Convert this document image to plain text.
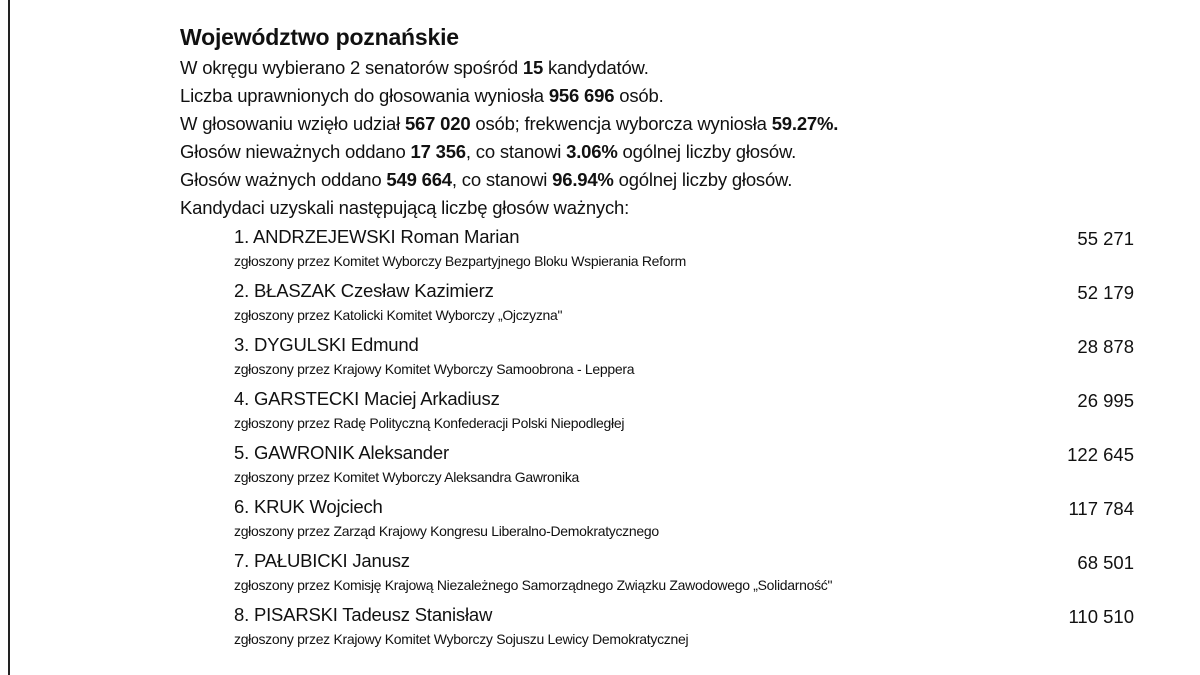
Województwo poznańskie
W okręgu wybierano 2 senatorów spośród 15 kandydatów.
Liczba uprawnionych do głosowania wyniosła 956 696 osób.
W głosowaniu wzięło udział 567 020 osób; frekwencja wyborcza wyniosła 59.27%.
Głosów nieważnych oddano 17 356, co stanowi 3.06% ogólnej liczby głosów.
Głosów ważnych oddano 549 664, co stanowi 96.94% ogólnej liczby głosów.
Kandydaci uzyskali następującą liczbę głosów ważnych:
1. ANDRZEJEWSKI Roman Marian
zgłoszony przez Komitet Wyborczy Bezpartyjnego Bloku Wspierania Reform
55 271
2. BŁASZAK Czesław Kazimierz
zgłoszony przez Katolicki Komitet Wyborczy „Ojczyzna"
52 179
3. DYGULSKI Edmund
zgłoszony przez Krajowy Komitet Wyborczy Samoobrona - Leppera
28 878
4. GARSTECKI Maciej Arkadiusz
zgłoszony przez Radę Polityczną Konfederacji Polski Niepodległej
26 995
5. GAWRONIK Aleksander
zgłoszony przez Komitet Wyborczy Aleksandra Gawronika
122 645
6. KRUK Wojciech
zgłoszony przez Zarząd Krajowy Kongresu Liberalno-Demokratycznego
117 784
7. PAŁUBICKI Janusz
zgłoszony przez Komisję Krajową Niezależnego Samorządnego Związku Zawodowego „Solidarność"
68 501
8. PISARSKI Tadeusz Stanisław
zgłoszony przez Krajowy Komitet Wyborczy Sojuszu Lewicy Demokratycznej
110 510
